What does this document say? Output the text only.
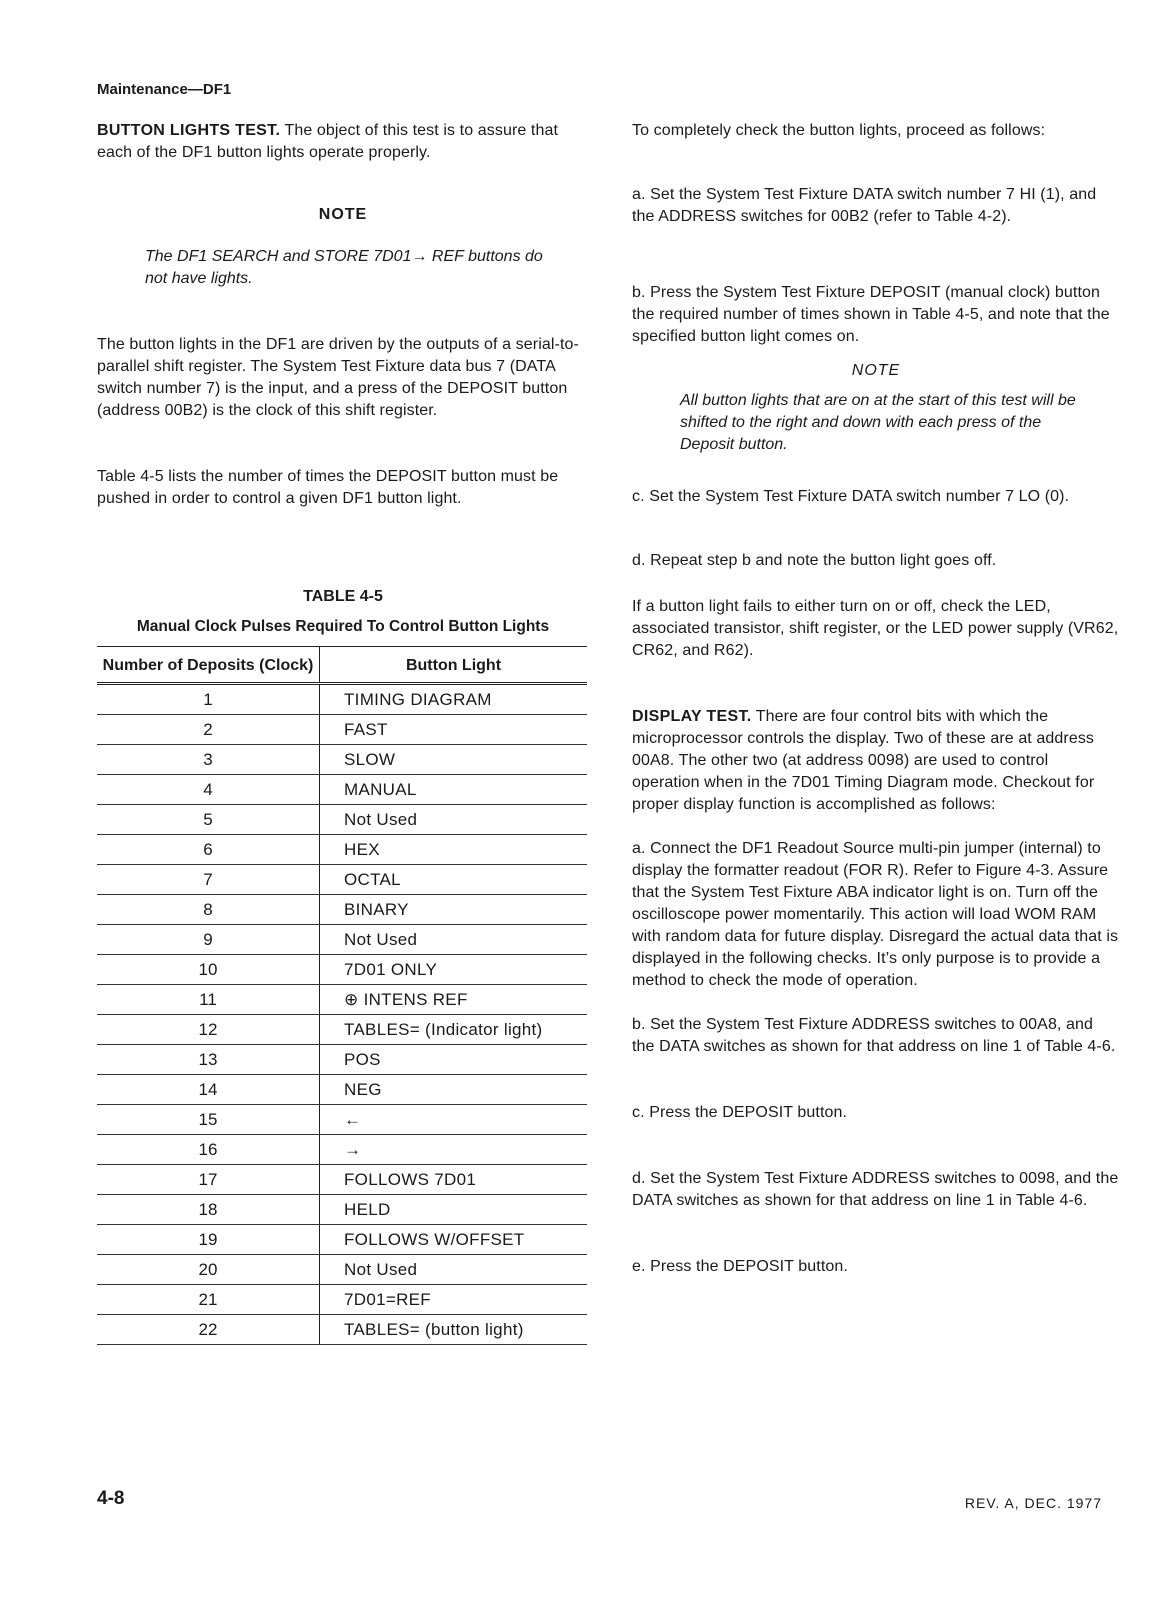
Maintenance—DF1

BUTTON LIGHTS TEST. The object of this test is to assure that each of the DF1 button lights operate properly.

NOTE

The DF1 SEARCH and STORE 7D01→ REF buttons do not have lights.

The button lights in the DF1 are driven by the outputs of a serial-to-parallel shift register. The System Test Fixture data bus 7 (DATA switch number 7) is the input, and a press of the DEPOSIT button (address 00B2) is the clock of this shift register.

Table 4-5 lists the number of times the DEPOSIT button must be pushed in order to control a given DF1 button light.

TABLE 4-5

Manual Clock Pulses Required To Control Button Lights

Number of Deposits (Clock)	Button Light
1	TIMING DIAGRAM
2	FAST
3	SLOW
4	MANUAL
5	Not Used
6	HEX
7	OCTAL
8	BINARY
9	Not Used
10	7D01 ONLY
11	⊕ INTENS REF
12	TABLES= (Indicator light)
13	POS
14	NEG
15	←
16	→
17	FOLLOWS 7D01
18	HELD
19	FOLLOWS W/OFFSET
20	Not Used
21	7D01=REF
22	TABLES= (button light)

To completely check the button lights, proceed as follows:

a. Set the System Test Fixture DATA switch number 7 HI (1), and the ADDRESS switches for 00B2 (refer to Table 4-2).

b. Press the System Test Fixture DEPOSIT (manual clock) button the required number of times shown in Table 4-5, and note that the specified button light comes on.

NOTE

All button lights that are on at the start of this test will be shifted to the right and down with each press of the Deposit button.

c. Set the System Test Fixture DATA switch number 7 LO (0).

d. Repeat step b and note the button light goes off.

If a button light fails to either turn on or off, check the LED, associated transistor, shift register, or the LED power supply (VR62, CR62, and R62).

DISPLAY TEST. There are four control bits with which the microprocessor controls the display. Two of these are at address 00A8. The other two (at address 0098) are used to control operation when in the 7D01 Timing Diagram mode. Checkout for proper display function is accomplished as follows:

a. Connect the DF1 Readout Source multi-pin jumper (internal) to display the formatter readout (FOR R). Refer to Figure 4-3. Assure that the System Test Fixture ABA indicator light is on. Turn off the oscilloscope power momentarily. This action will load WOM RAM with random data for future display. Disregard the actual data that is displayed in the following checks. It’s only purpose is to provide a method to check the mode of operation.

b. Set the System Test Fixture ADDRESS switches to 00A8, and the DATA switches as shown for that address on line 1 of Table 4-6.

c. Press the DEPOSIT button.

d. Set the System Test Fixture ADDRESS switches to 0098, and the DATA switches as shown for that address on line 1 in Table 4-6.

e. Press the DEPOSIT button.

4-8	REV. A, DEC. 1977
